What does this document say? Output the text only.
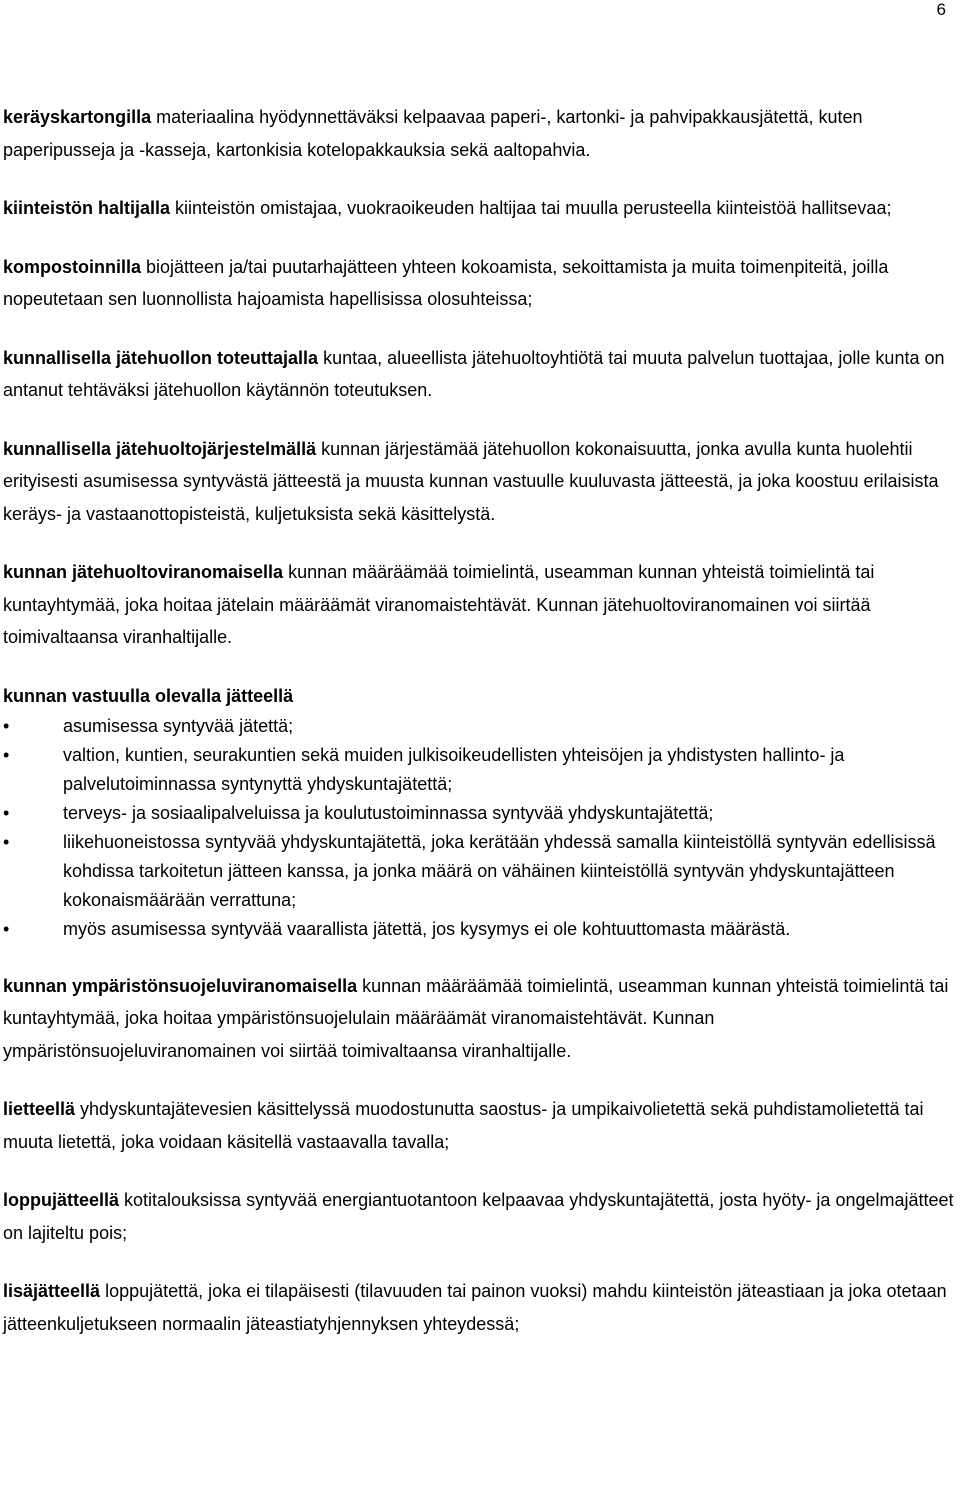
6

keräyskartongilla materiaalina hyödynnettäväksi kelpaavaa paperi-, kartonki- ja pahvipakkausjätettä, kuten paperipusseja ja -kasseja, kartonkisia kotelopakkauksia sekä aaltopahvia.

kiinteistön haltijalla kiinteistön omistajaa, vuokraoikeuden haltijaa tai muulla perusteella kiinteistöä hallitsevaa;

kompostoinnilla biojätteen ja/tai puutarhajätteen yhteen kokoamista, sekoittamista ja muita toimenpiteitä, joilla nopeutetaan sen luonnollista hajoamista hapellisissa olosuhteissa;

kunnallisella jätehuollon toteuttajalla kuntaa, alueellista jätehuoltoyhtiötä tai muuta palvelun tuottajaa, jolle kunta on antanut tehtäväksi jätehuollon käytännön toteutuksen.

kunnallisella jätehuoltojärjestelmällä kunnan järjestämää jätehuollon kokonaisuutta, jonka avulla kunta huolehtii erityisesti asumisessa syntyvästä jätteestä ja muusta kunnan vastuulle kuuluvasta jätteestä, ja joka koostuu erilaisista keräys- ja vastaanottopisteistä, kuljetuksista sekä käsittelystä.

kunnan jätehuoltoviranomaisella kunnan määräämää toimielintä, useamman kunnan yhteistä toimielintä tai kuntayhtymää, joka hoitaa jätelain määräämät viranomaistehtävät. Kunnan jätehuoltoviranomainen voi siirtää toimivaltaansa viranhaltijalle.

kunnan vastuulla olevalla jätteellä

•	asumisessa syntyvää jätettä;
•	valtion, kuntien, seurakuntien sekä muiden julkisoikeudellisten yhteisöjen ja yhdistysten hallinto- ja palvelutoiminnassa syntynyttä yhdyskuntajätettä;
•	terveys- ja sosiaalipalveluissa ja koulutustoiminnassa syntyvää yhdyskuntajätettä;
•	liikehuoneistossa syntyvää yhdyskuntajätettä, joka kerätään yhdessä samalla kiinteistöllä syntyvän edellisissä kohdissa tarkoitetun jätteen kanssa, ja jonka määrä on vähäinen kiinteistöllä syntyvän yhdyskuntajätteen kokonaismäärään verrattuna;
•	myös asumisessa syntyvää vaarallista jätettä, jos kysymys ei ole kohtuuttomasta määrästä.

kunnan ympäristönsuojeluviranomaisella kunnan määräämää toimielintä, useamman kunnan yhteistä toimielintä tai kuntayhtymää, joka hoitaa ympäristönsuojelulain määräämät viranomaistehtävät. Kunnan ympäristönsuojeluviranomainen voi siirtää toimivaltaansa viranhaltijalle.

lietteellä yhdyskuntajätevesien käsittelyssä muodostunutta saostus- ja umpikaivolietettä sekä puhdistamolietettä tai muuta lietettä, joka voidaan käsitellä vastaavalla tavalla;

loppujätteellä kotitalouksissa syntyvää energiantuotantoon kelpaavaa yhdyskuntajätettä, josta hyöty- ja ongelmajätteet on lajiteltu pois;

lisäjätteellä loppujätettä, joka ei tilapäisesti (tilavuuden tai painon vuoksi) mahdu kiinteistön jäteastiaan ja joka otetaan jätteenkuljetukseen normaalin jäteastiatyhjennyksen yhteydessä;
